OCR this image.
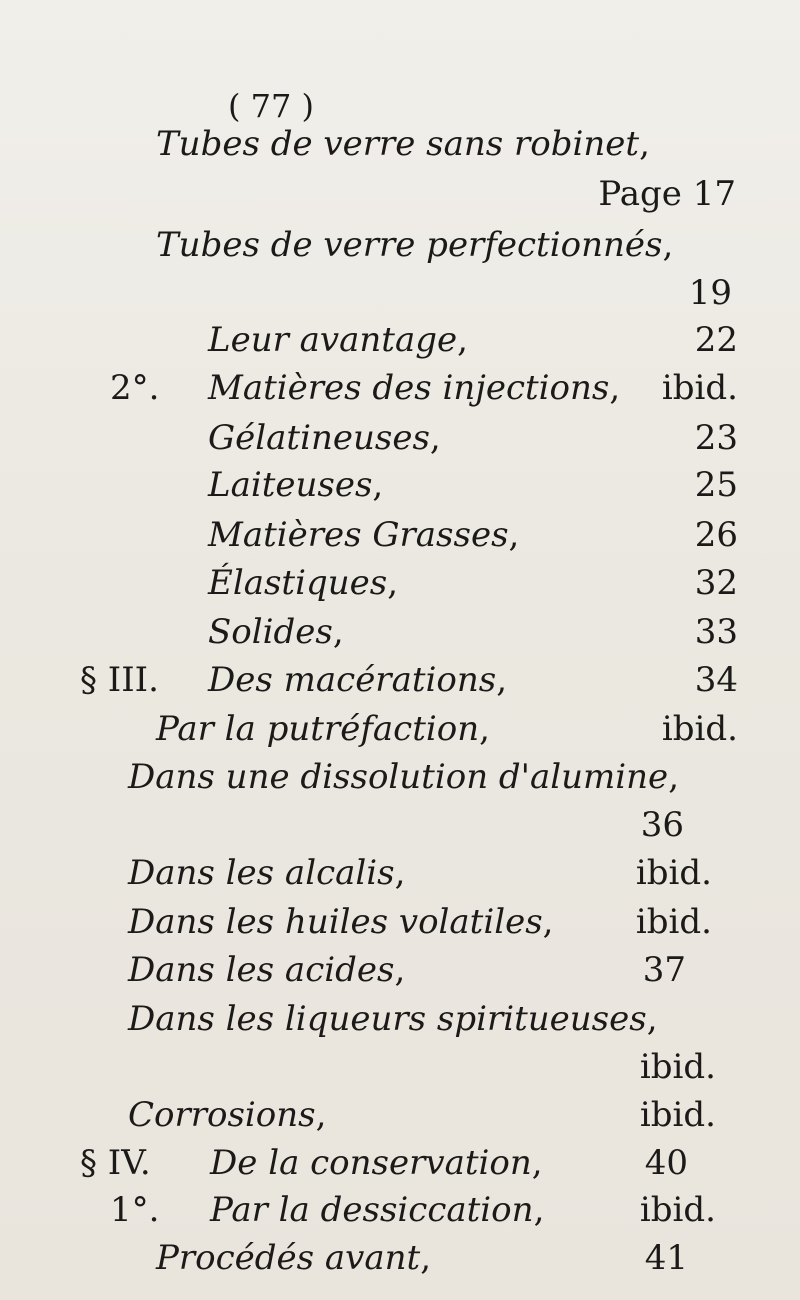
( 77 )
Tubes de verre sans robinet,
Page 17
Tubes de verre perfectionnés,
19
Leur avantage,	22
2°. Matières des injections, ibid.
Gélatineuses,	23
Laiteuses,	25
Matières Grasses,	26
Élastiques,	32
Solides,	33
§ III. Des macérations,	34
Par la putréfaction,	ibid.
Dans une dissolution d'alumine,
36
Dans les alcalis,	ibid.
Dans les huiles volatiles, ibid.
Dans les acides,	37
Dans les liqueurs spiritueuses,
ibid.
Corrosions,	ibid.
§ IV. De la conservation,	40
1°. Par la dessiccation,	ibid.
Procédés avant,	41
